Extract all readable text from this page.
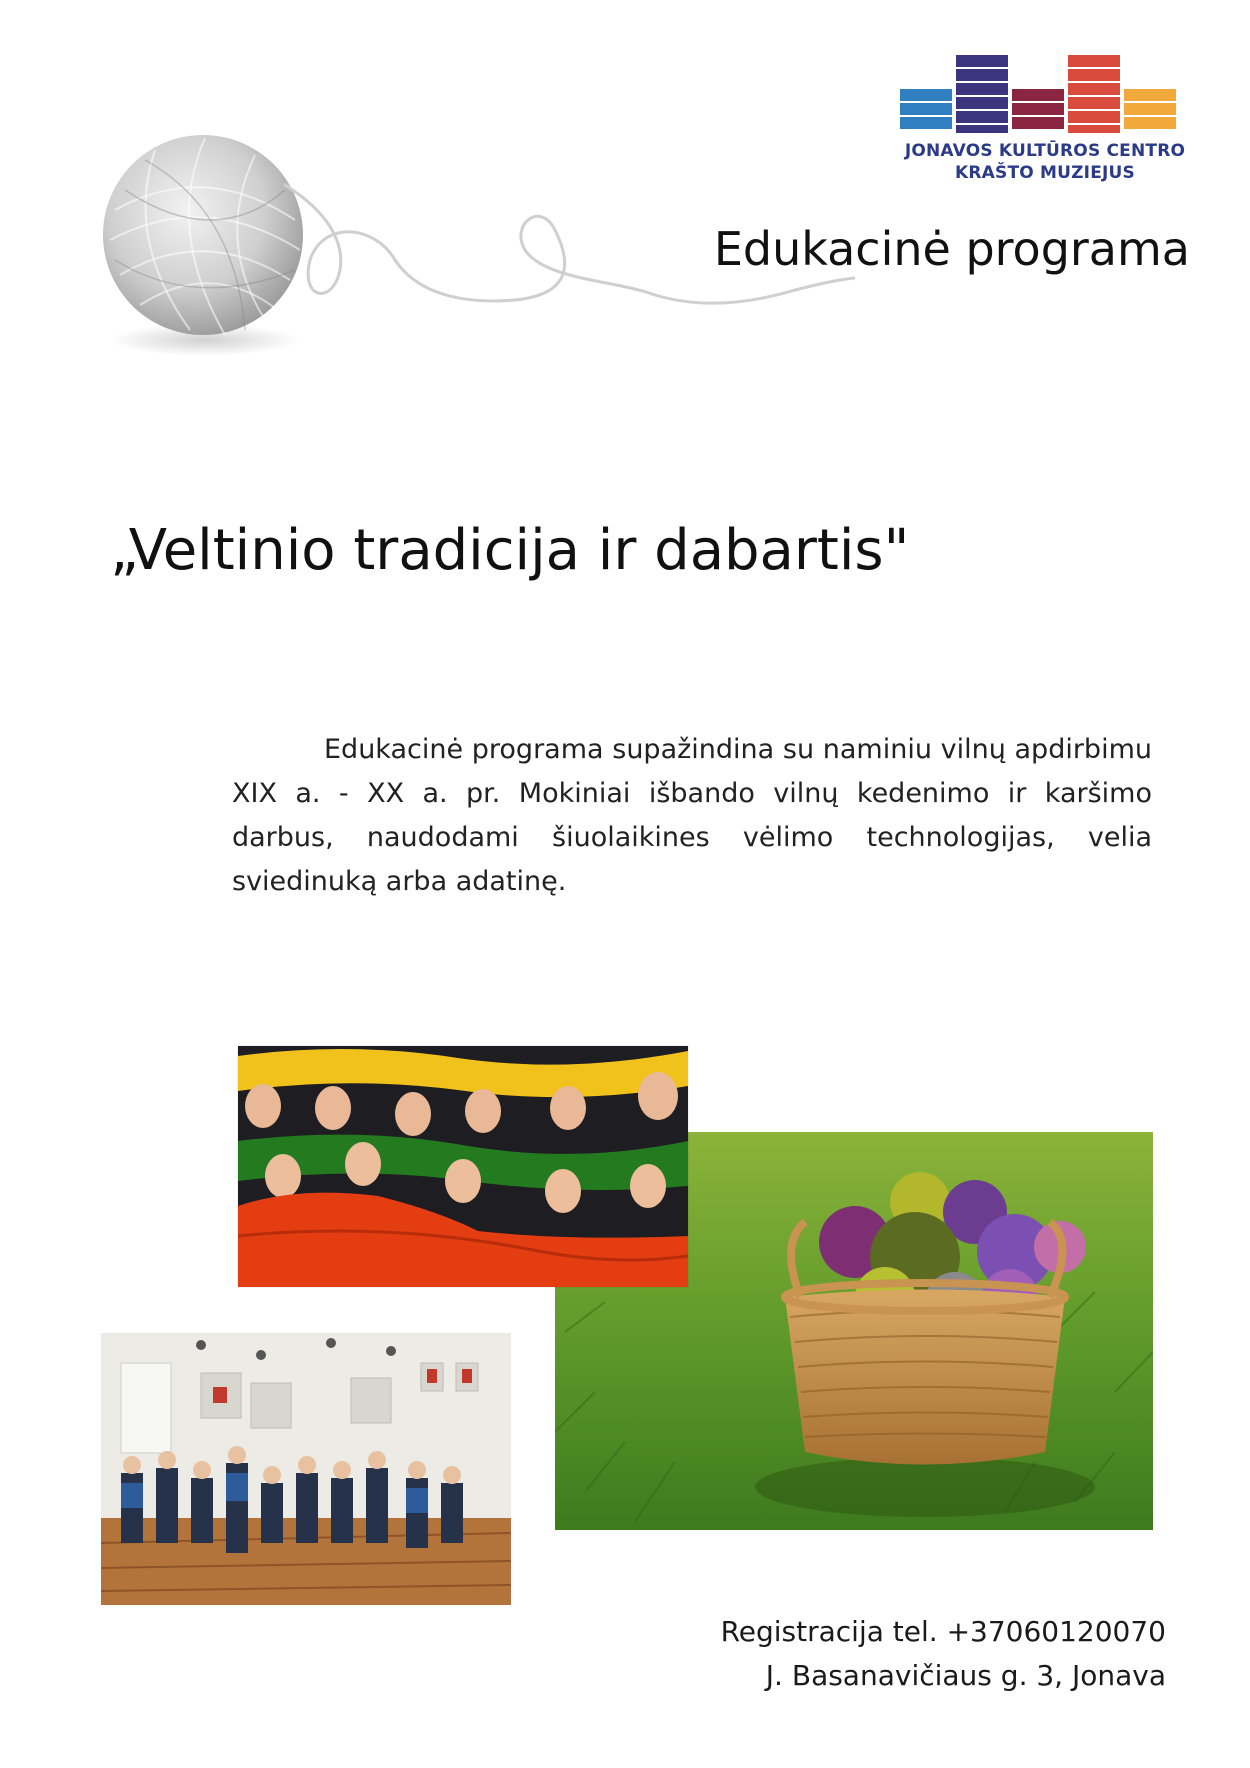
JONAVOS KULTŪROS CENTRO
KRAŠTO MUZIEJUS
Edukacinė programa
„Veltinio tradicija ir dabartis"
Edukacinė programa supažindina su naminiu vilnų apdirbimu XIX a. - XX a. pr. Mokiniai išbando vilnų kedenimo ir karšimo darbus, naudodami šiuolaikines vėlimo technologijas, velia sviedinuką arba adatinę.
Registracija tel. +37060120070
J. Basanavičiaus g. 3, Jonava
